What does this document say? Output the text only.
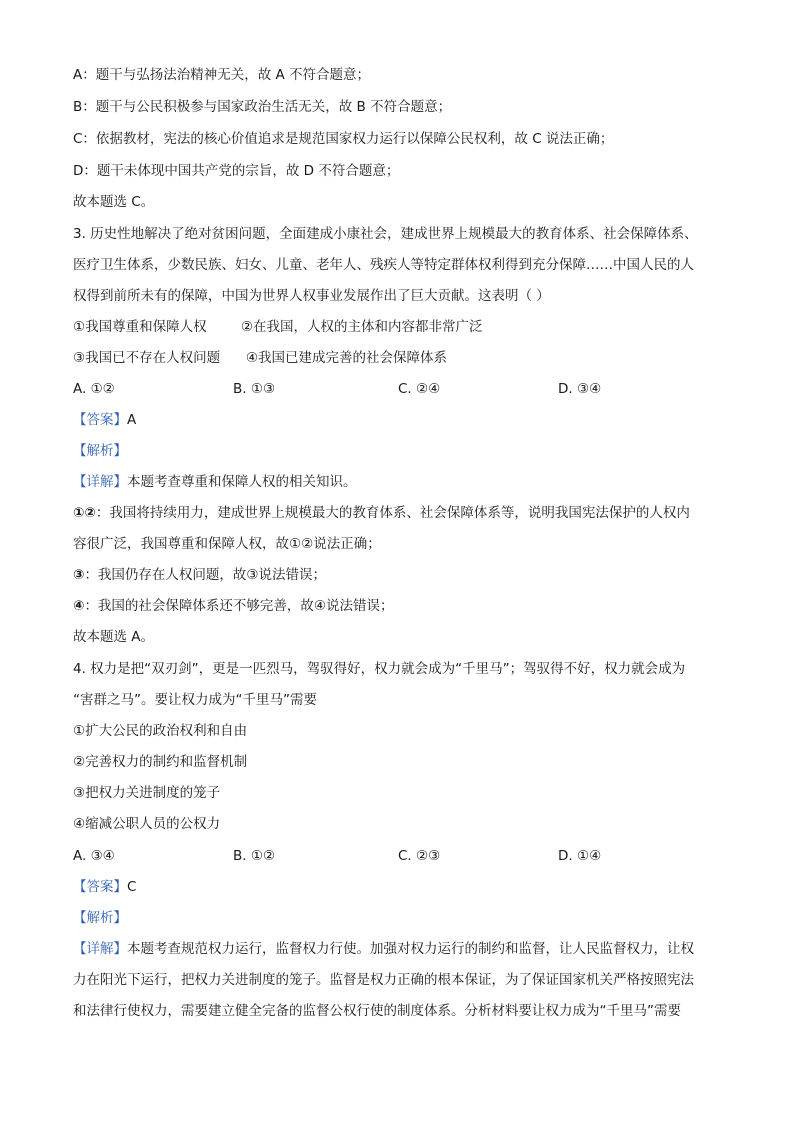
A：题干与弘扬法治精神无关，故 A 不符合题意；
B：题干与公民积极参与国家政治生活无关，故 B 不符合题意；
C：依据教材，宪法的核心价值追求是规范国家权力运行以保障公民权利，故 C 说法正确；
D：题干未体现中国共产党的宗旨，故 D 不符合题意；
故本题选 C。
3. 历史性地解决了绝对贫困问题，全面建成小康社会，建成世界上规模最大的教育体系、社会保障体系、
医疗卫生体系，少数民族、妇女、儿童、老年人、残疾人等特定群体权利得到充分保障……中国人民的人
权得到前所未有的保障，中国为世界人权事业发展作出了巨大贡献。这表明（ ）
①我国尊重和保障人权        ②在我国，人权的主体和内容都非常广泛
③我国已不存在人权问题      ④我国已建成完善的社会保障体系
A. ①②	B. ①③	C. ②④	D. ③④
【答案】A
【解析】
【详解】本题考查尊重和保障人权的相关知识。
①②：我国将持续用力，建成世界上规模最大的教育体系、社会保障体系等，说明我国宪法保护的人权内
容很广泛，我国尊重和保障人权，故①②说法正确；
③：我国仍存在人权问题，故③说法错误；
④：我国的社会保障体系还不够完善，故④说法错误；
故本题选 A。
4. 权力是把“双刃剑”，更是一匹烈马，驾驭得好，权力就会成为“千里马”；驾驭得不好，权力就会成为
“害群之马”。要让权力成为“千里马”需要
①扩大公民的政治权利和自由
②完善权力的制约和监督机制
③把权力关进制度的笼子
④缩减公职人员的公权力
A. ③④	B. ①②	C. ②③	D. ①④
【答案】C
【解析】
【详解】本题考查规范权力运行，监督权力行使。加强对权力运行的制约和监督，让人民监督权力，让权
力在阳光下运行，把权力关进制度的笼子。监督是权力正确的根本保证，为了保证国家机关严格按照宪法
和法律行使权力，需要建立健全完备的监督公权行使的制度体系。分析材料要让权力成为“千里马”需要
